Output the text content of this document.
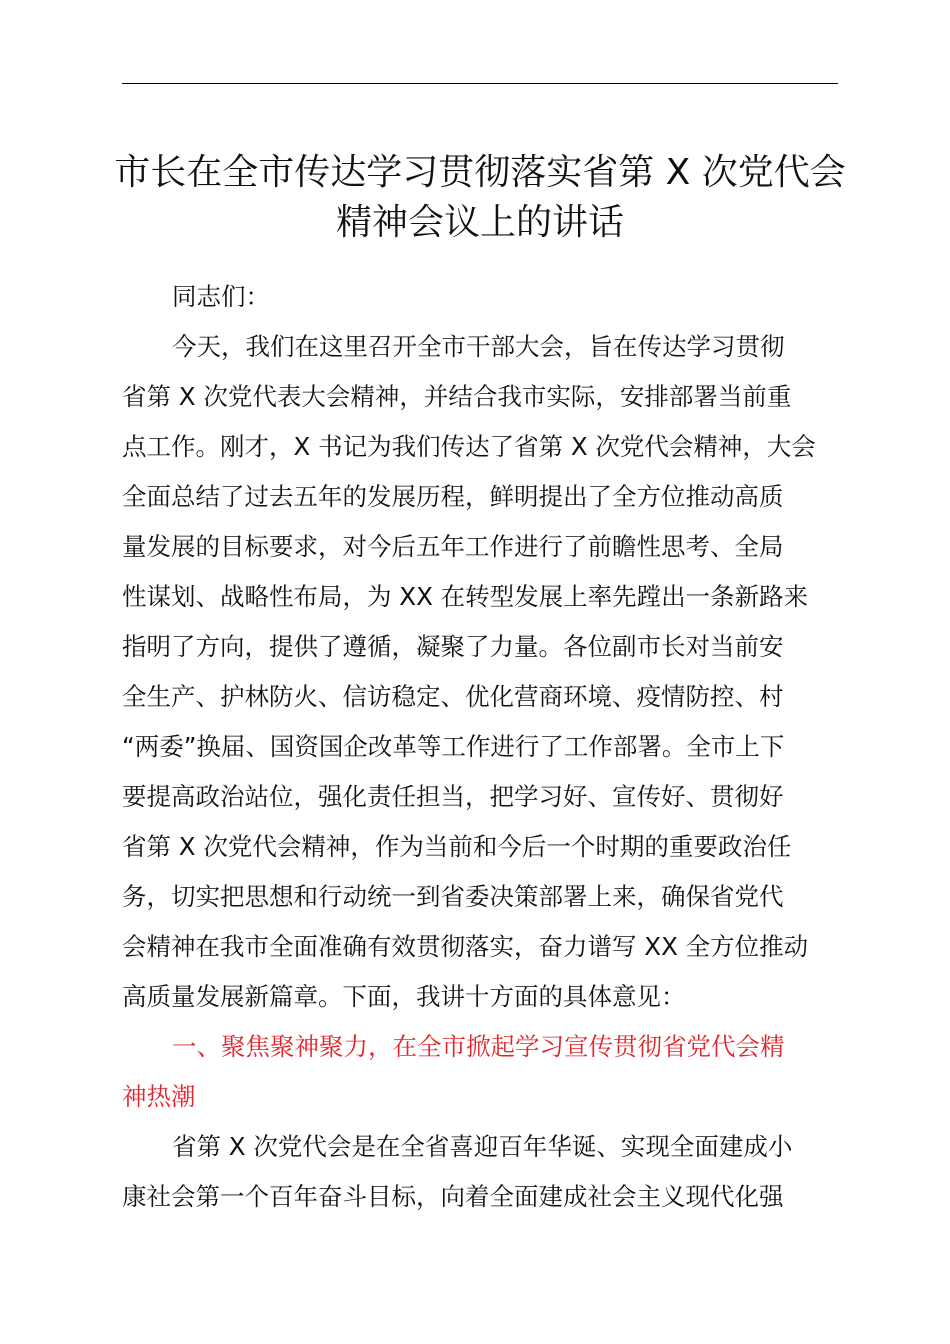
市长在全市传达学习贯彻落实省第 X 次党代会
精神会议上的讲话

同志们：

今天，我们在这里召开全市干部大会，旨在传达学习贯彻
省第 X 次党代表大会精神，并结合我市实际，安排部署当前重
点工作。刚才，X 书记为我们传达了省第 X 次党代会精神，大会
全面总结了过去五年的发展历程，鲜明提出了全方位推动高质
量发展的目标要求，对今后五年工作进行了前瞻性思考、全局
性谋划、战略性布局，为 XX 在转型发展上率先蹚出一条新路来
指明了方向，提供了遵循，凝聚了力量。各位副市长对当前安
全生产、护林防火、信访稳定、优化营商环境、疫情防控、村
“两委”换届、国资国企改革等工作进行了工作部署。全市上下
要提高政治站位，强化责任担当，把学习好、宣传好、贯彻好
省第 X 次党代会精神，作为当前和今后一个时期的重要政治任
务，切实把思想和行动统一到省委决策部署上来，确保省党代
会精神在我市全面准确有效贯彻落实，奋力谱写 XX 全方位推动
高质量发展新篇章。下面，我讲十方面的具体意见：

一、聚焦聚神聚力，在全市掀起学习宣传贯彻省党代会精
神热潮

省第 X 次党代会是在全省喜迎百年华诞、实现全面建成小
康社会第一个百年奋斗目标，向着全面建成社会主义现代化强
